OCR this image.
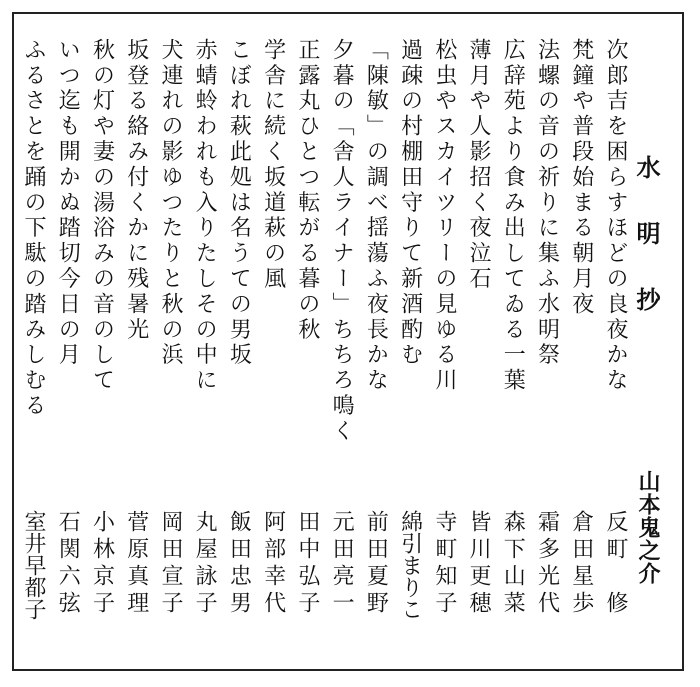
水明抄
山本鬼之介
次郎吉を困らすほどの良夜かな
梵鐘や普段始まる朝月夜
法螺の音の祈りに集ふ水明祭
広辞苑より食み出してゐる一葉
薄月や人影招く夜泣石
松虫やスカイツリーの見ゆる川
過疎の村棚田守りて新酒酌む
「陳敏」の調べ揺蕩ふ夜長かな
夕暮の「舎人ライナー」ちちろ鳴く
正露丸ひとつ転がる暮の秋
学舎に続く坂道萩の風
こぼれ萩此処は名うての男坂
赤蜻蛉われも入りたしその中に
犬連れの影ゆつたりと秋の浜
坂登る絡み付くかに残暑光
秋の灯や妻の湯浴みの音のして
いつ迄も開かぬ踏切今日の月
反町　修
倉田星歩
霜多光代
森下山菜
皆川更穂
寺町知子
綿引まりこ
前田夏野
元田亮一
田中弘子
阿部幸代
飯田忠男
丸屋詠子
岡田宣子
菅原真理
小林京子
石関六弦
ふるさとを踊の下駄の踏みしむる
室井早都子
